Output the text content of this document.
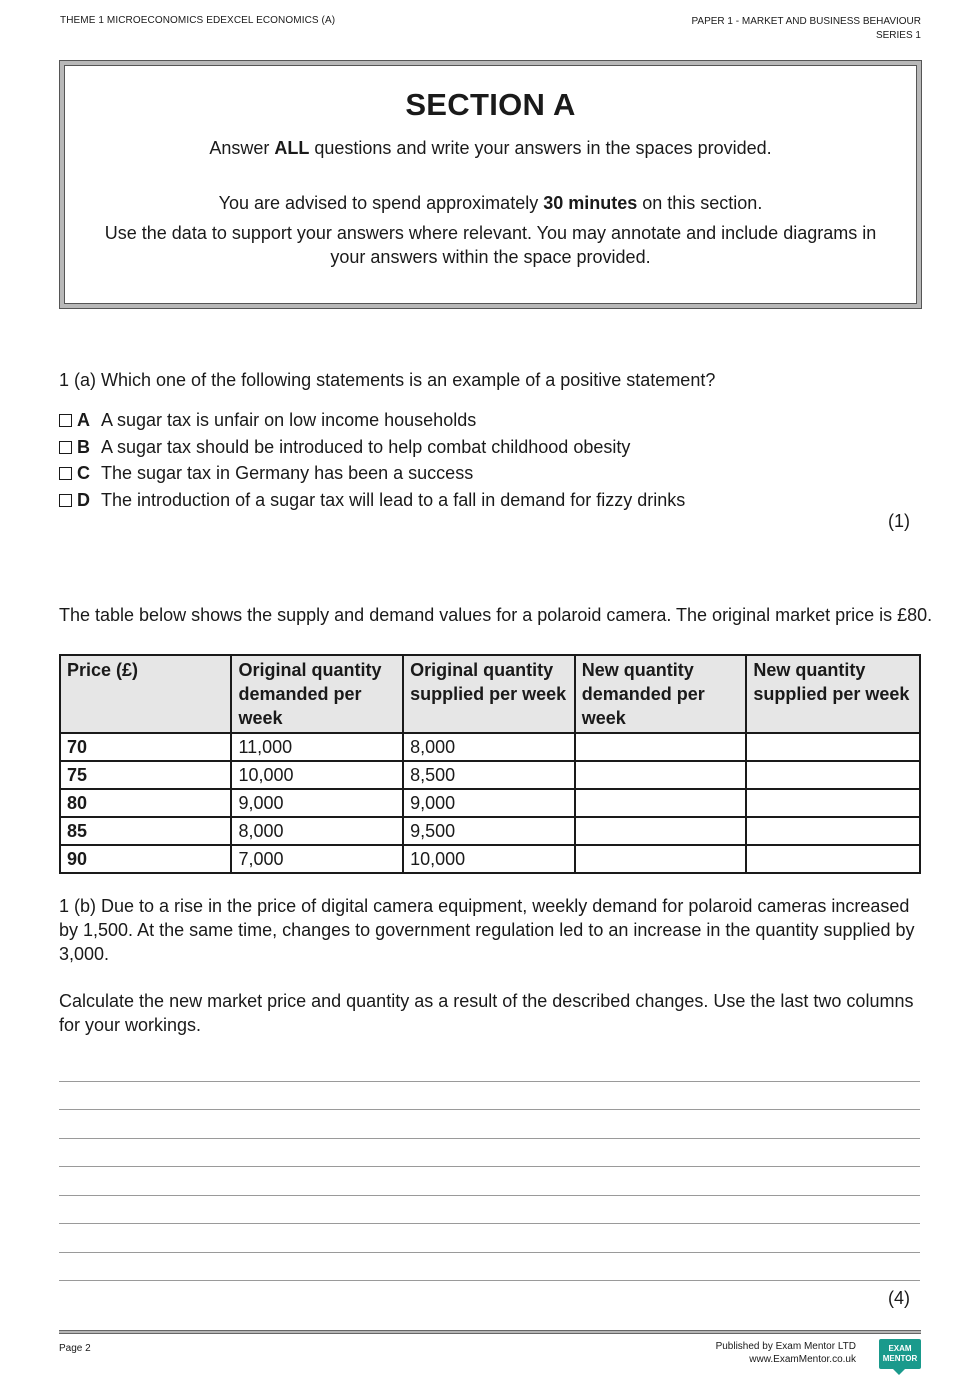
THEME 1 MICROECONOMICS EDEXCEL ECONOMICS (A)	PAPER 1 - MARKET AND BUSINESS BEHAVIOUR
SERIES 1
SECTION A
Answer ALL questions and write your answers in the spaces provided.
You are advised to spend approximately 30 minutes on this section.
Use the data to support your answers where relevant. You may annotate and include diagrams in your answers within the space provided.
1 (a) Which one of the following statements is an example of a positive statement?
A A sugar tax is unfair on low income households
B A sugar tax should be introduced to help combat childhood obesity
C The sugar tax in Germany has been a success
D The introduction of a sugar tax will lead to a fall in demand for fizzy drinks
(1)
The table below shows the supply and demand values for a polaroid camera. The original market price is £80.
Price (£)	Original quantity demanded per week	Original quantity supplied per week	New quantity demanded per week	New quantity supplied per week
70	11,000	8,000		
75	10,000	8,500		
80	9,000	9,000		
85	8,000	9,500		
90	7,000	10,000		
1 (b) Due to a rise in the price of digital camera equipment, weekly demand for polaroid cameras increased by 1,500. At the same time, changes to government regulation led to an increase in the quantity supplied by 3,000.
Calculate the new market price and quantity as a result of the described changes. Use the last two columns for your workings.
(4)
Page 2	Published by Exam Mentor LTD
www.ExamMentor.co.uk
EXAM
MENTOR
